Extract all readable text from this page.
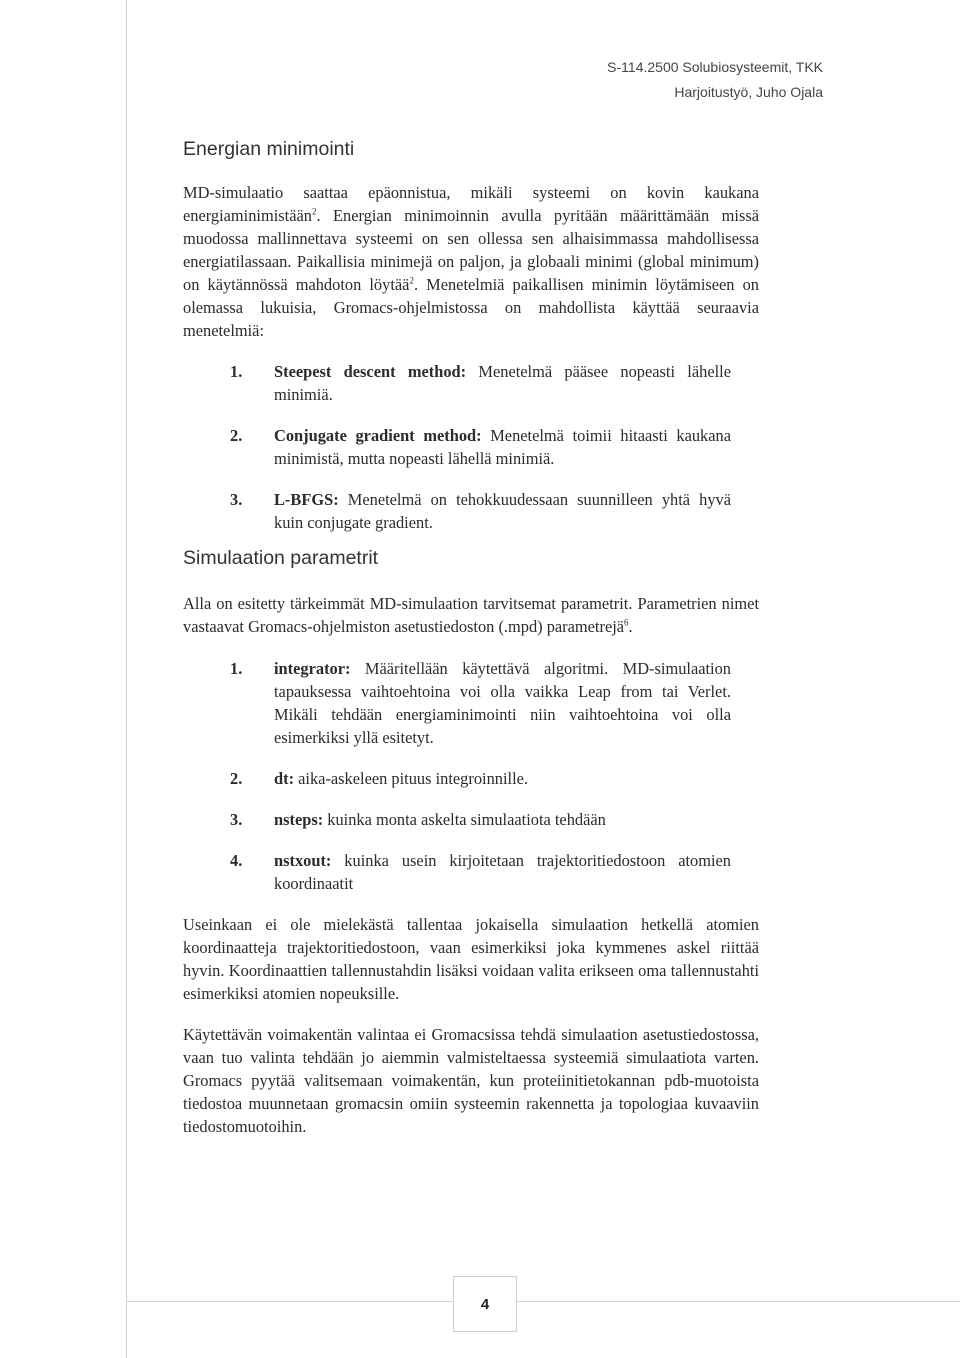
S-114.2500 Solubiosysteemit, TKK
Harjoitustyö, Juho Ojala
Energian minimointi

MD-simulaatio saattaa epäonnistua, mikäli systeemi on kovin kaukana energiaminimistään$^2$. Energian minimoinnin avulla pyritään määrittämään missä muodossa mallinnettava systeemi on sen ollessa sen alhaisimmassa mahdollisessa energiatilassaan. Paikallisia minimejä on paljon, ja globaali minimi (global minimum) on käytännössä mahdoton löytää$^2$. Menetelmiä paikallisen minimin löytämiseen on olemassa lukuisia, Gromacs-ohjelmistossa on mahdollista käyttää seuraavia menetelmiä:

1. Steepest descent method: Menetelmä pääsee nopeasti lähelle minimiä.
2. Conjugate gradient method: Menetelmä toimii hitaasti kaukana minimistä, mutta nopeasti lähellä minimiä.
3. L-BFGS: Menetelmä on tehokkuudessaan suunnilleen yhtä hyvä kuin conjugate gradient.
Simulaation parametrit

Alla on esitetty tärkeimmät MD-simulaation tarvitsemat parametrit. Parametrien nimet vastaavat Gromacs-ohjelmiston asetustiedoston (.mpd) parametrejä$^6$.

1. integrator: Määritellään käytettävä algoritmi. MD-simulaation tapauksessa vaihtoehtoina voi olla vaikka Leap from tai Verlet. Mikäli tehdään energiaminimointi niin vaihtoehtoina voi olla esimerkiksi yllä esitetyt.
2. dt: aika-askeleen pituus integroinnille.
3. nsteps: kuinka monta askelta simulaatiota tehdään
4. nstxout: kuinka usein kirjoitetaan trajektoritiedostoon atomien koordinaatit

Useinkaan ei ole mielekästä tallentaa jokaisella simulaation hetkellä atomien koordinaatteja trajektoritiedostoon, vaan esimerkiksi joka kymmenes askel riittää hyvin. Koordinaattien tallennustahdin lisäksi voidaan valita erikseen oma tallennustahti esimerkiksi atomien nopeuksille.

Käytettävän voimakentän valintaa ei Gromacsissa tehdä simulaation asetustiedostossa, vaan tuo valinta tehdään jo aiemmin valmisteltaessa systeemiä simulaatiota varten. Gromacs pyytää valitsemaan voimakentän, kun proteiinitietokannan pdb-muotoista tiedostoa muunnetaan gromacsin omiin systeemin rakennetta ja topologiaa kuvaaviin tiedostomuotoihin.

4
